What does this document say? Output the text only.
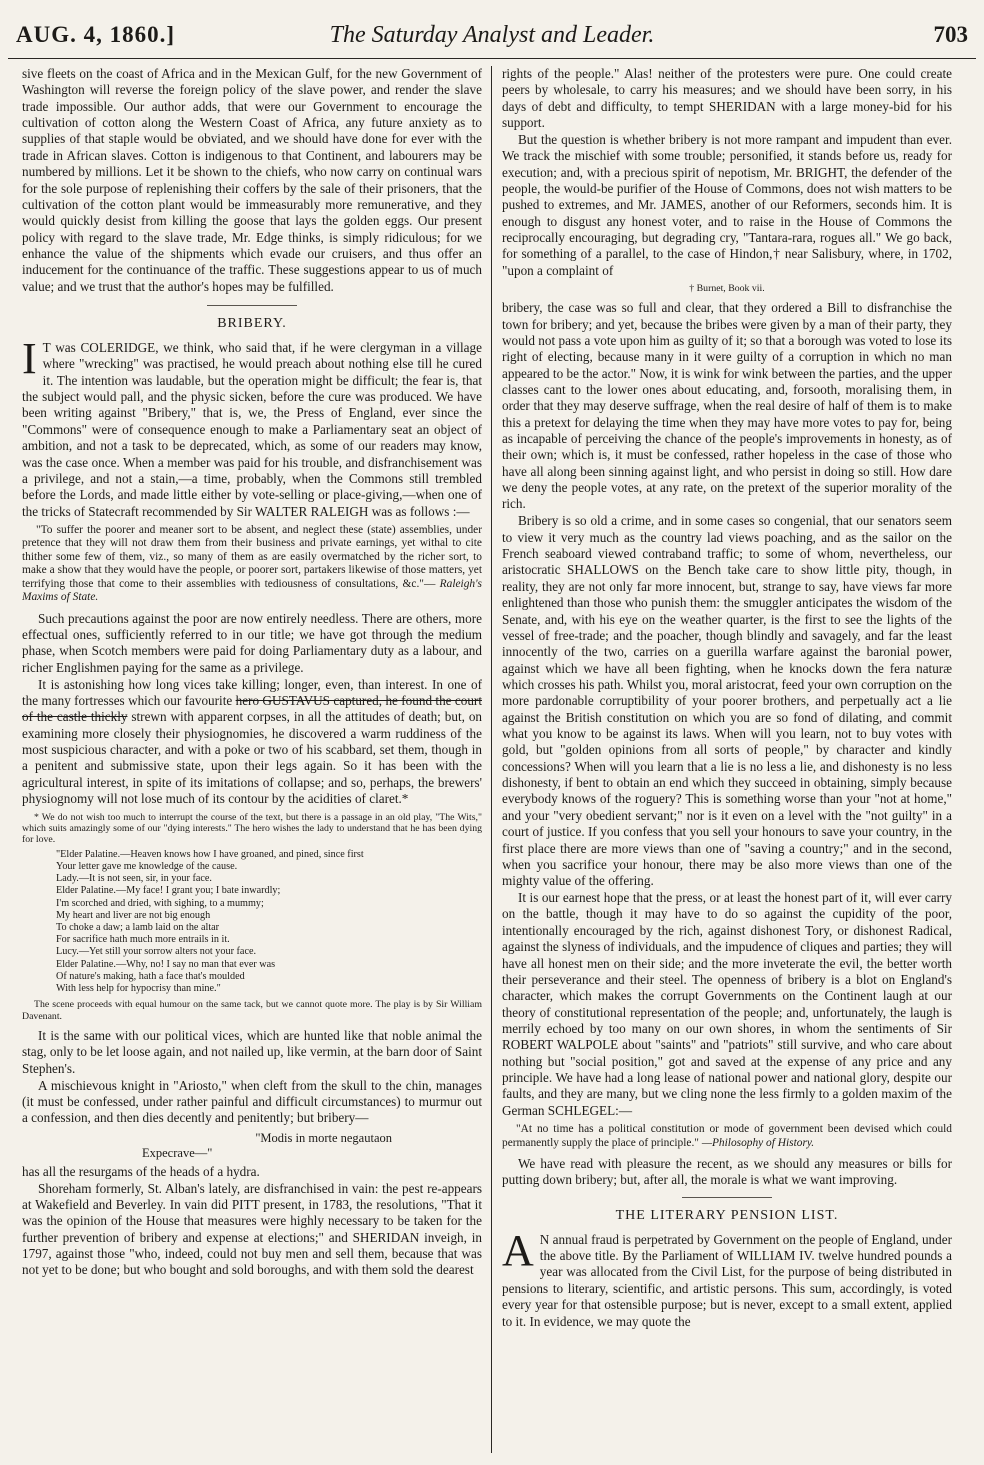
AUG. 4, 1860.]	The Saturday Analyst and Leader.	703

sive fleets on the coast of Africa and in the Mexican Gulf, for the new Government of Washington will reverse the foreign policy of the slave power, and render the slave trade impossible. Our author adds, that were our Government to encourage the cultivation of cotton along the Western Coast of Africa, any future anxiety as to supplies of that staple would be obviated, and we should have done for ever with the trade in African slaves. Cotton is indigenous to that Continent, and labourers may be numbered by millions. Let it be shown to the chiefs, who now carry on continual wars for the sole purpose of replenishing their coffers by the sale of their prisoners, that the cultivation of the cotton plant would be immeasurably more remunerative, and they would quickly desist from killing the goose that lays the golden eggs. Our present policy with regard to the slave trade, Mr. Edge thinks, is simply ridiculous; for we enhance the value of the shipments which evade our cruisers, and thus offer an inducement for the continuance of the traffic. These suggestions appear to us of much value; and we trust that the author's hopes may be fulfilled.

BRIBERY.

I T was COLERIDGE, we think, who said that, if he were clergyman in a village where "wrecking" was practised, he would preach about nothing else till he cured it. The intention was laudable, but the operation might be difficult; the fear is, that the subject would pall, and the physic sicken, before the cure was produced. We have been writing against "Bribery," that is, we, the Press of England, ever since the "Commons" were of consequence enough to make a Parliamentary seat an object of ambition, and not a task to be deprecated, which, as some of our readers may know, was the case once. When a member was paid for his trouble, and disfranchisement was a privilege, and not a stain,—a time, probably, when the Commons still trembled before the Lords, and made little either by vote-selling or place-giving,—when one of the tricks of Statecraft recommended by Sir WALTER RALEIGH was as follows :—

"To suffer the poorer and meaner sort to be absent, and neglect these (state) assemblies, under pretence that they will not draw them from their business and private earnings, yet withal to cite thither some few of them, viz., so many of them as are easily overmatched by the richer sort, to make a show that they would have the people, or poorer sort, partakers likewise of those matters, yet terrifying those that come to their assemblies with tediousness of consultations, &c."— Raleigh's Maxims of State.

Such precautions against the poor are now entirely needless. There are others, more effectual ones, sufficiently referred to in our title; we have got through the medium phase, when Scotch members were paid for doing Parliamentary duty as a labour, and richer Englishmen paying for the same as a privilege.

It is astonishing how long vices take killing; longer, even, than interest. In one of the many fortresses which our favourite hero GUSTAVUS captured, he found the court of the castle thickly strewn with apparent corpses, in all the attitudes of death; but, on examining more closely their physiognomies, he discovered a warm ruddiness of the most suspicious character, and with a poke or two of his scabbard, set them, though in a penitent and submissive state, upon their legs again. So it has been with the agricultural interest, in spite of its imitations of collapse; and so, perhaps, the brewers' physiognomy will not lose much of its contour by the acidities of claret.*

* We do not wish too much to interrupt the course of the text, but there is a passage in an old play, "The Wits," which suits amazingly some of our "dying interests." The hero wishes the lady to understand that he has been dying for love.

"Elder Palatine.—Heaven knows how I have groaned, and pined, since first
Your letter gave me knowledge of the cause.
Lady.—It is not seen, sir, in your face.
Elder Palatine.—My face! I grant you; I bate inwardly;
I'm scorched and dried, with sighing, to a mummy;
My heart and liver are not big enough
To choke a daw; a lamb laid on the altar
For sacrifice hath much more entrails in it.
Lucy.—Yet still your sorrow alters not your face.
Elder Palatine.—Why, no! I say no man that ever was
Of nature's making, hath a face that's moulded
With less help for hypocrisy than mine."

The scene proceeds with equal humour on the same tack, but we cannot quote more. The play is by Sir William Davenant.

It is the same with our political vices, which are hunted like that noble animal the stag, only to be let loose again, and not nailed up, like vermin, at the barn door of Saint Stephen's.

A mischievous knight in "Ariosto," when cleft from the skull to the chin, manages (it must be confessed, under rather painful and difficult circumstances) to murmur out a confession, and then dies decently and penitently; but bribery—

"Modis in morte negautaon

Expecrave—"

has all the resurgams of the heads of a hydra.

Shoreham formerly, St. Alban's lately, are disfranchised in vain: the pest re-appears at Wakefield and Beverley. In vain did PITT present, in 1783, the resolutions, "That it was the opinion of the House that measures were highly necessary to be taken for the further prevention of bribery and expense at elections;" and SHERIDAN inveigh, in 1797, against those "who, indeed, could not buy men and sell them, because that was not yet to be done; but who bought and sold boroughs, and with them sold the dearest

rights of the people." Alas! neither of the protesters were pure. One could create peers by wholesale, to carry his measures; and we should have been sorry, in his days of debt and difficulty, to tempt SHERIDAN with a large money-bid for his support.

But the question is whether bribery is not more rampant and impudent than ever. We track the mischief with some trouble; personified, it stands before us, ready for execution; and, with a precious spirit of nepotism, Mr. BRIGHT, the defender of the people, the would-be purifier of the House of Commons, does not wish matters to be pushed to extremes, and Mr. JAMES, another of our Reformers, seconds him. It is enough to disgust any honest voter, and to raise in the House of Commons the reciprocally encouraging, but degrading cry, "Tantara-rara, rogues all." We go back, for something of a parallel, to the case of Hindon,† near Salisbury, where, in 1702, "upon a complaint of

† Burnet, Book vii.

bribery, the case was so full and clear, that they ordered a Bill to disfranchise the town for bribery; and yet, because the bribes were given by a man of their party, they would not pass a vote upon him as guilty of it; so that a borough was voted to lose its right of electing, because many in it were guilty of a corruption in which no man appeared to be the actor." Now, it is wink for wink between the parties, and the upper classes cant to the lower ones about educating, and, forsooth, moralising them, in order that they may deserve suffrage, when the real desire of half of them is to make this a pretext for delaying the time when they may have more votes to pay for, being as incapable of perceiving the chance of the people's improvements in honesty, as of their own; which is, it must be confessed, rather hopeless in the case of those who have all along been sinning against light, and who persist in doing so still. How dare we deny the people votes, at any rate, on the pretext of the superior morality of the rich.

Bribery is so old a crime, and in some cases so congenial, that our senators seem to view it very much as the country lad views poaching, and as the sailor on the French seaboard viewed contraband traffic; to some of whom, nevertheless, our aristocratic SHALLOWS on the Bench take care to show little pity, though, in reality, they are not only far more innocent, but, strange to say, have views far more enlightened than those who punish them: the smuggler anticipates the wisdom of the Senate, and, with his eye on the weather quarter, is the first to see the lights of the vessel of free-trade; and the poacher, though blindly and savagely, and far the least innocently of the two, carries on a guerilla warfare against the baronial power, against which we have all been fighting, when he knocks down the fera naturæ which crosses his path. Whilst you, moral aristocrat, feed your own corruption on the more pardonable corruptibility of your poorer brothers, and perpetually act a lie against the British constitution on which you are so fond of dilating, and commit what you know to be against its laws. When will you learn, not to buy votes with gold, but "golden opinions from all sorts of people," by character and kindly concessions? When will you learn that a lie is no less a lie, and dishonesty is no less dishonesty, if bent to obtain an end which they succeed in obtaining, simply because everybody knows of the roguery? This is something worse than your "not at home," and your "very obedient servant;" nor is it even on a level with the "not guilty" in a court of justice. If you confess that you sell your honours to save your country, in the first place there are more views than one of "saving a country;" and in the second, when you sacrifice your honour, there may be also more views than one of the mighty value of the offering.

It is our earnest hope that the press, or at least the honest part of it, will ever carry on the battle, though it may have to do so against the cupidity of the poor, intentionally encouraged by the rich, against dishonest Tory, or dishonest Radical, against the slyness of individuals, and the impudence of cliques and parties; they will have all honest men on their side; and the more inveterate the evil, the better worth their perseverance and their steel. The openness of bribery is a blot on England's character, which makes the corrupt Governments on the Continent laugh at our theory of constitutional representation of the people; and, unfortunately, the laugh is merrily echoed by too many on our own shores, in whom the sentiments of Sir ROBERT WALPOLE about "saints" and "patriots" still survive, and who care about nothing but "social position," got and saved at the expense of any price and any principle. We have had a long lease of national power and national glory, despite our faults, and they are many, but we cling none the less firmly to a golden maxim of the German SCHLEGEL:—

"At no time has a political constitution or mode of government been devised which could permanently supply the place of principle." —Philosophy of History.

We have read with pleasure the recent, as we should any measures or bills for putting down bribery; but, after all, the morale is what we want improving.

THE LITERARY PENSION LIST.

A N annual fraud is perpetrated by Government on the people of England, under the above title. By the Parliament of WILLIAM IV. twelve hundred pounds a year was allocated from the Civil List, for the purpose of being distributed in pensions to literary, scientific, and artistic persons. This sum, accordingly, is voted every year for that ostensible purpose; but is never, except to a small extent, applied to it. In evidence, we may quote the
